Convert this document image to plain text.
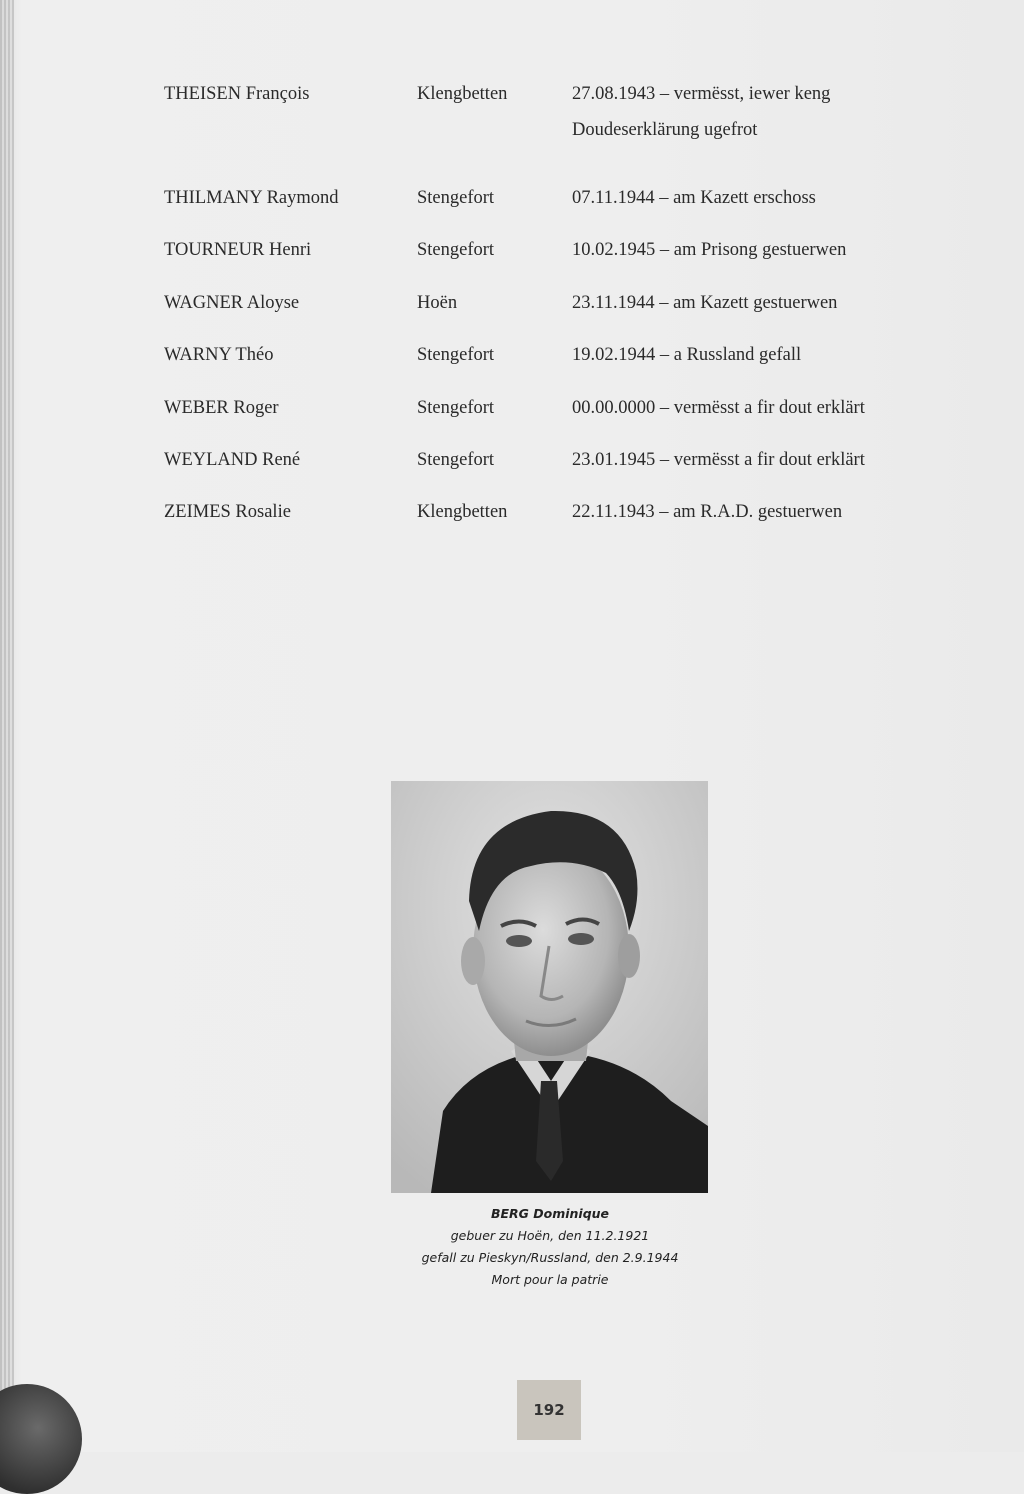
THEISEN François	Klengbetten	27.08.1943 – vermësst, iewer keng Doudeserklärung ugefrot
THILMANY Raymond	Stengefort	07.11.1944 – am Kazett erschoss
TOURNEUR Henri	Stengefort	10.02.1945 – am Prisong gestuerwen
WAGNER Aloyse	Hoën	23.11.1944 – am Kazett gestuerwen
WARNY Théo	Stengefort	19.02.1944 – a Russland gefall
WEBER Roger	Stengefort	00.00.0000 – vermësst a fir dout erklärt
WEYLAND René	Stengefort	23.01.1945 – vermësst a fir dout erklärt
ZEIMES Rosalie	Klengbetten	22.11.1943 – am R.A.D. gestuerwen
BERG Dominique
gebuer zu Hoën, den 11.2.1921
gefall zu Pieskyn/Russland, den 2.9.1944
Mort pour la patrie
192
